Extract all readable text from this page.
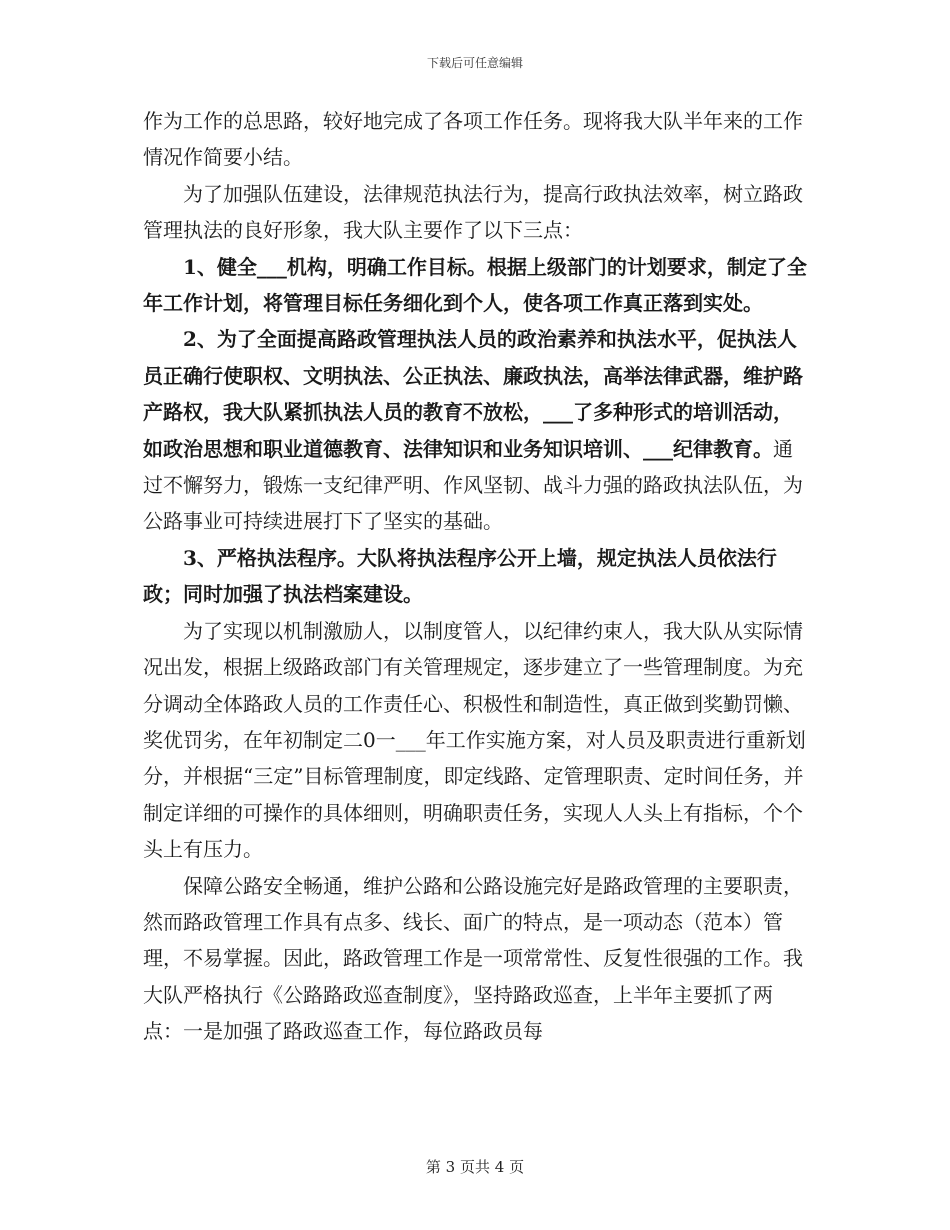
下载后可任意编辑

作为工作的总思路，较好地完成了各项工作任务。现将我大队半年来的工作情况作简要小结。

为了加强队伍建设，法律规范执法行为，提高行政执法效率，树立路政管理执法的良好形象，我大队主要作了以下三点：

1、健全___机构，明确工作目标。根据上级部门的计划要求，制定了全年工作计划，将管理目标任务细化到个人，使各项工作真正落到实处。

2、为了全面提高路政管理执法人员的政治素养和执法水平，促执法人员正确行使职权、文明执法、公正执法、廉政执法，高举法律武器，维护路产路权，我大队紧抓执法人员的教育不放松，___了多种形式的培训活动，如政治思想和职业道德教育、法律知识和业务知识培训、___纪律教育。通过不懈努力，锻炼一支纪律严明、作风坚韧、战斗力强的路政执法队伍，为公路事业可持续进展打下了坚实的基础。

3、严格执法程序。大队将执法程序公开上墙，规定执法人员依法行政；同时加强了执法档案建设。

为了实现以机制激励人，以制度管人，以纪律约束人，我大队从实际情况出发，根据上级路政部门有关管理规定，逐步建立了一些管理制度。为充分调动全体路政人员的工作责任心、积极性和制造性，真正做到奖勤罚懒、奖优罚劣，在年初制定二0一___年工作实施方案，对人员及职责进行重新划分，并根据“三定”目标管理制度，即定线路、定管理职责、定时间任务，并制定详细的可操作的具体细则，明确职责任务，实现人人头上有指标，个个头上有压力。

保障公路安全畅通，维护公路和公路设施完好是路政管理的主要职责，然而路政管理工作具有点多、线长、面广的特点，是一项动态（范本）管理，不易掌握。因此，路政管理工作是一项常常性、反复性很强的工作。我大队严格执行《公路路政巡查制度》，坚持路政巡查，上半年主要抓了两点：一是加强了路政巡查工作，每位路政员每

第 3 页共 4 页
